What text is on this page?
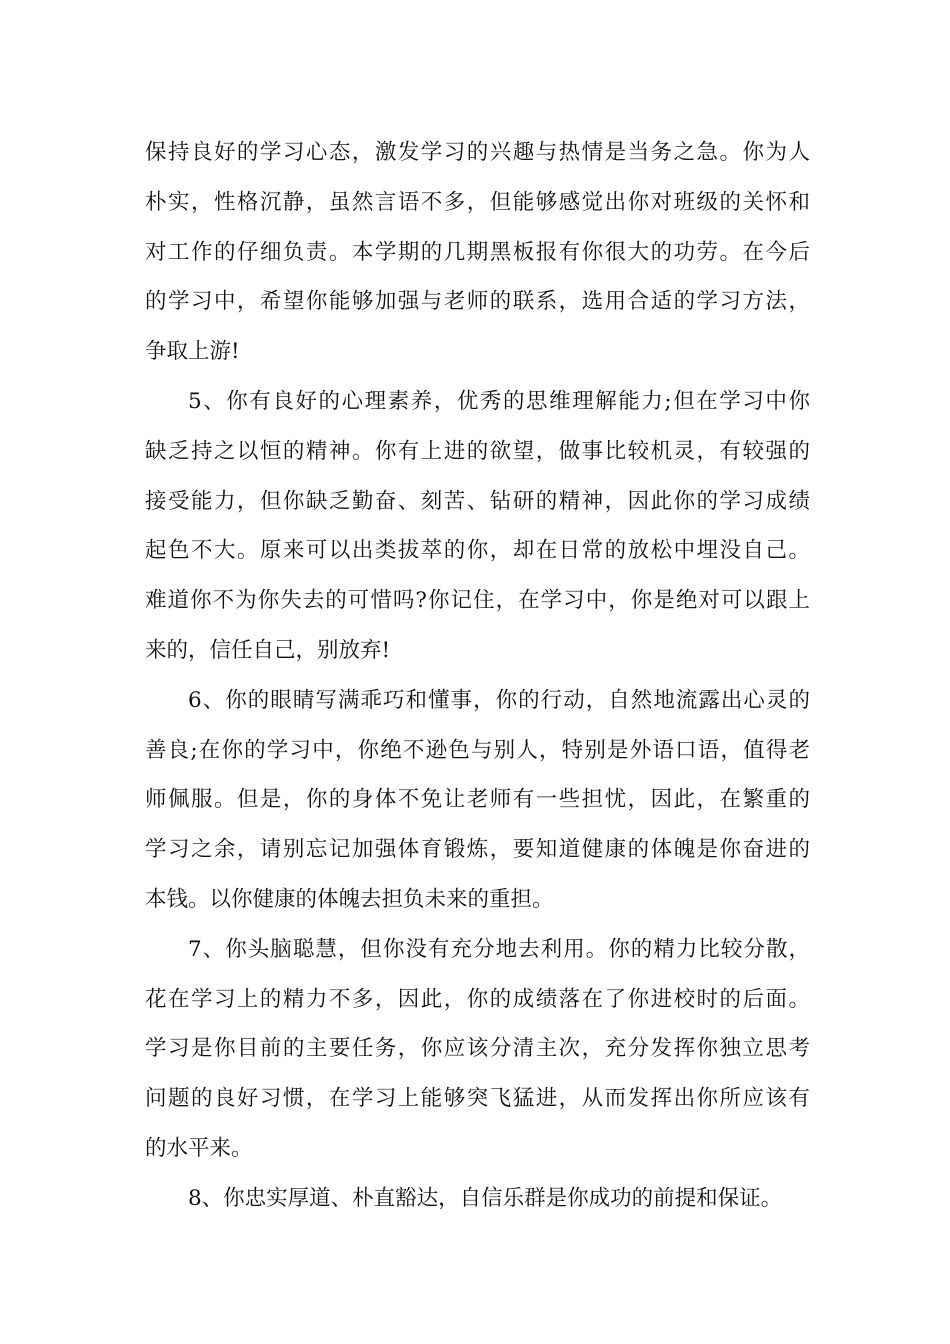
保持良好的学习心态，激发学习的兴趣与热情是当务之急。你为人
朴实，性格沉静，虽然言语不多，但能够感觉出你对班级的关怀和
对工作的仔细负责。本学期的几期黑板报有你很大的功劳。在今后
的学习中，希望你能够加强与老师的联系，选用合适的学习方法，
争取上游!
5、你有良好的心理素养，优秀的思维理解能力;但在学习中你
缺乏持之以恒的精神。你有上进的欲望，做事比较机灵，有较强的
接受能力，但你缺乏勤奋、刻苦、钻研的精神，因此你的学习成绩
起色不大。原来可以出类拔萃的你，却在日常的放松中埋没自己。
难道你不为你失去的可惜吗?你记住，在学习中，你是绝对可以跟上
来的，信任自己，别放弃!
6、你的眼睛写满乖巧和懂事，你的行动，自然地流露出心灵的
善良;在你的学习中，你绝不逊色与别人，特别是外语口语，值得老
师佩服。但是，你的身体不免让老师有一些担忧，因此，在繁重的
学习之余，请别忘记加强体育锻炼，要知道健康的体魄是你奋进的
本钱。以你健康的体魄去担负未来的重担。
7、你头脑聪慧，但你没有充分地去利用。你的精力比较分散，
花在学习上的精力不多，因此，你的成绩落在了你进校时的后面。
学习是你目前的主要任务，你应该分清主次，充分发挥你独立思考
问题的良好习惯，在学习上能够突飞猛进，从而发挥出你所应该有
的水平来。
8、你忠实厚道、朴直豁达，自信乐群是你成功的前提和保证。
